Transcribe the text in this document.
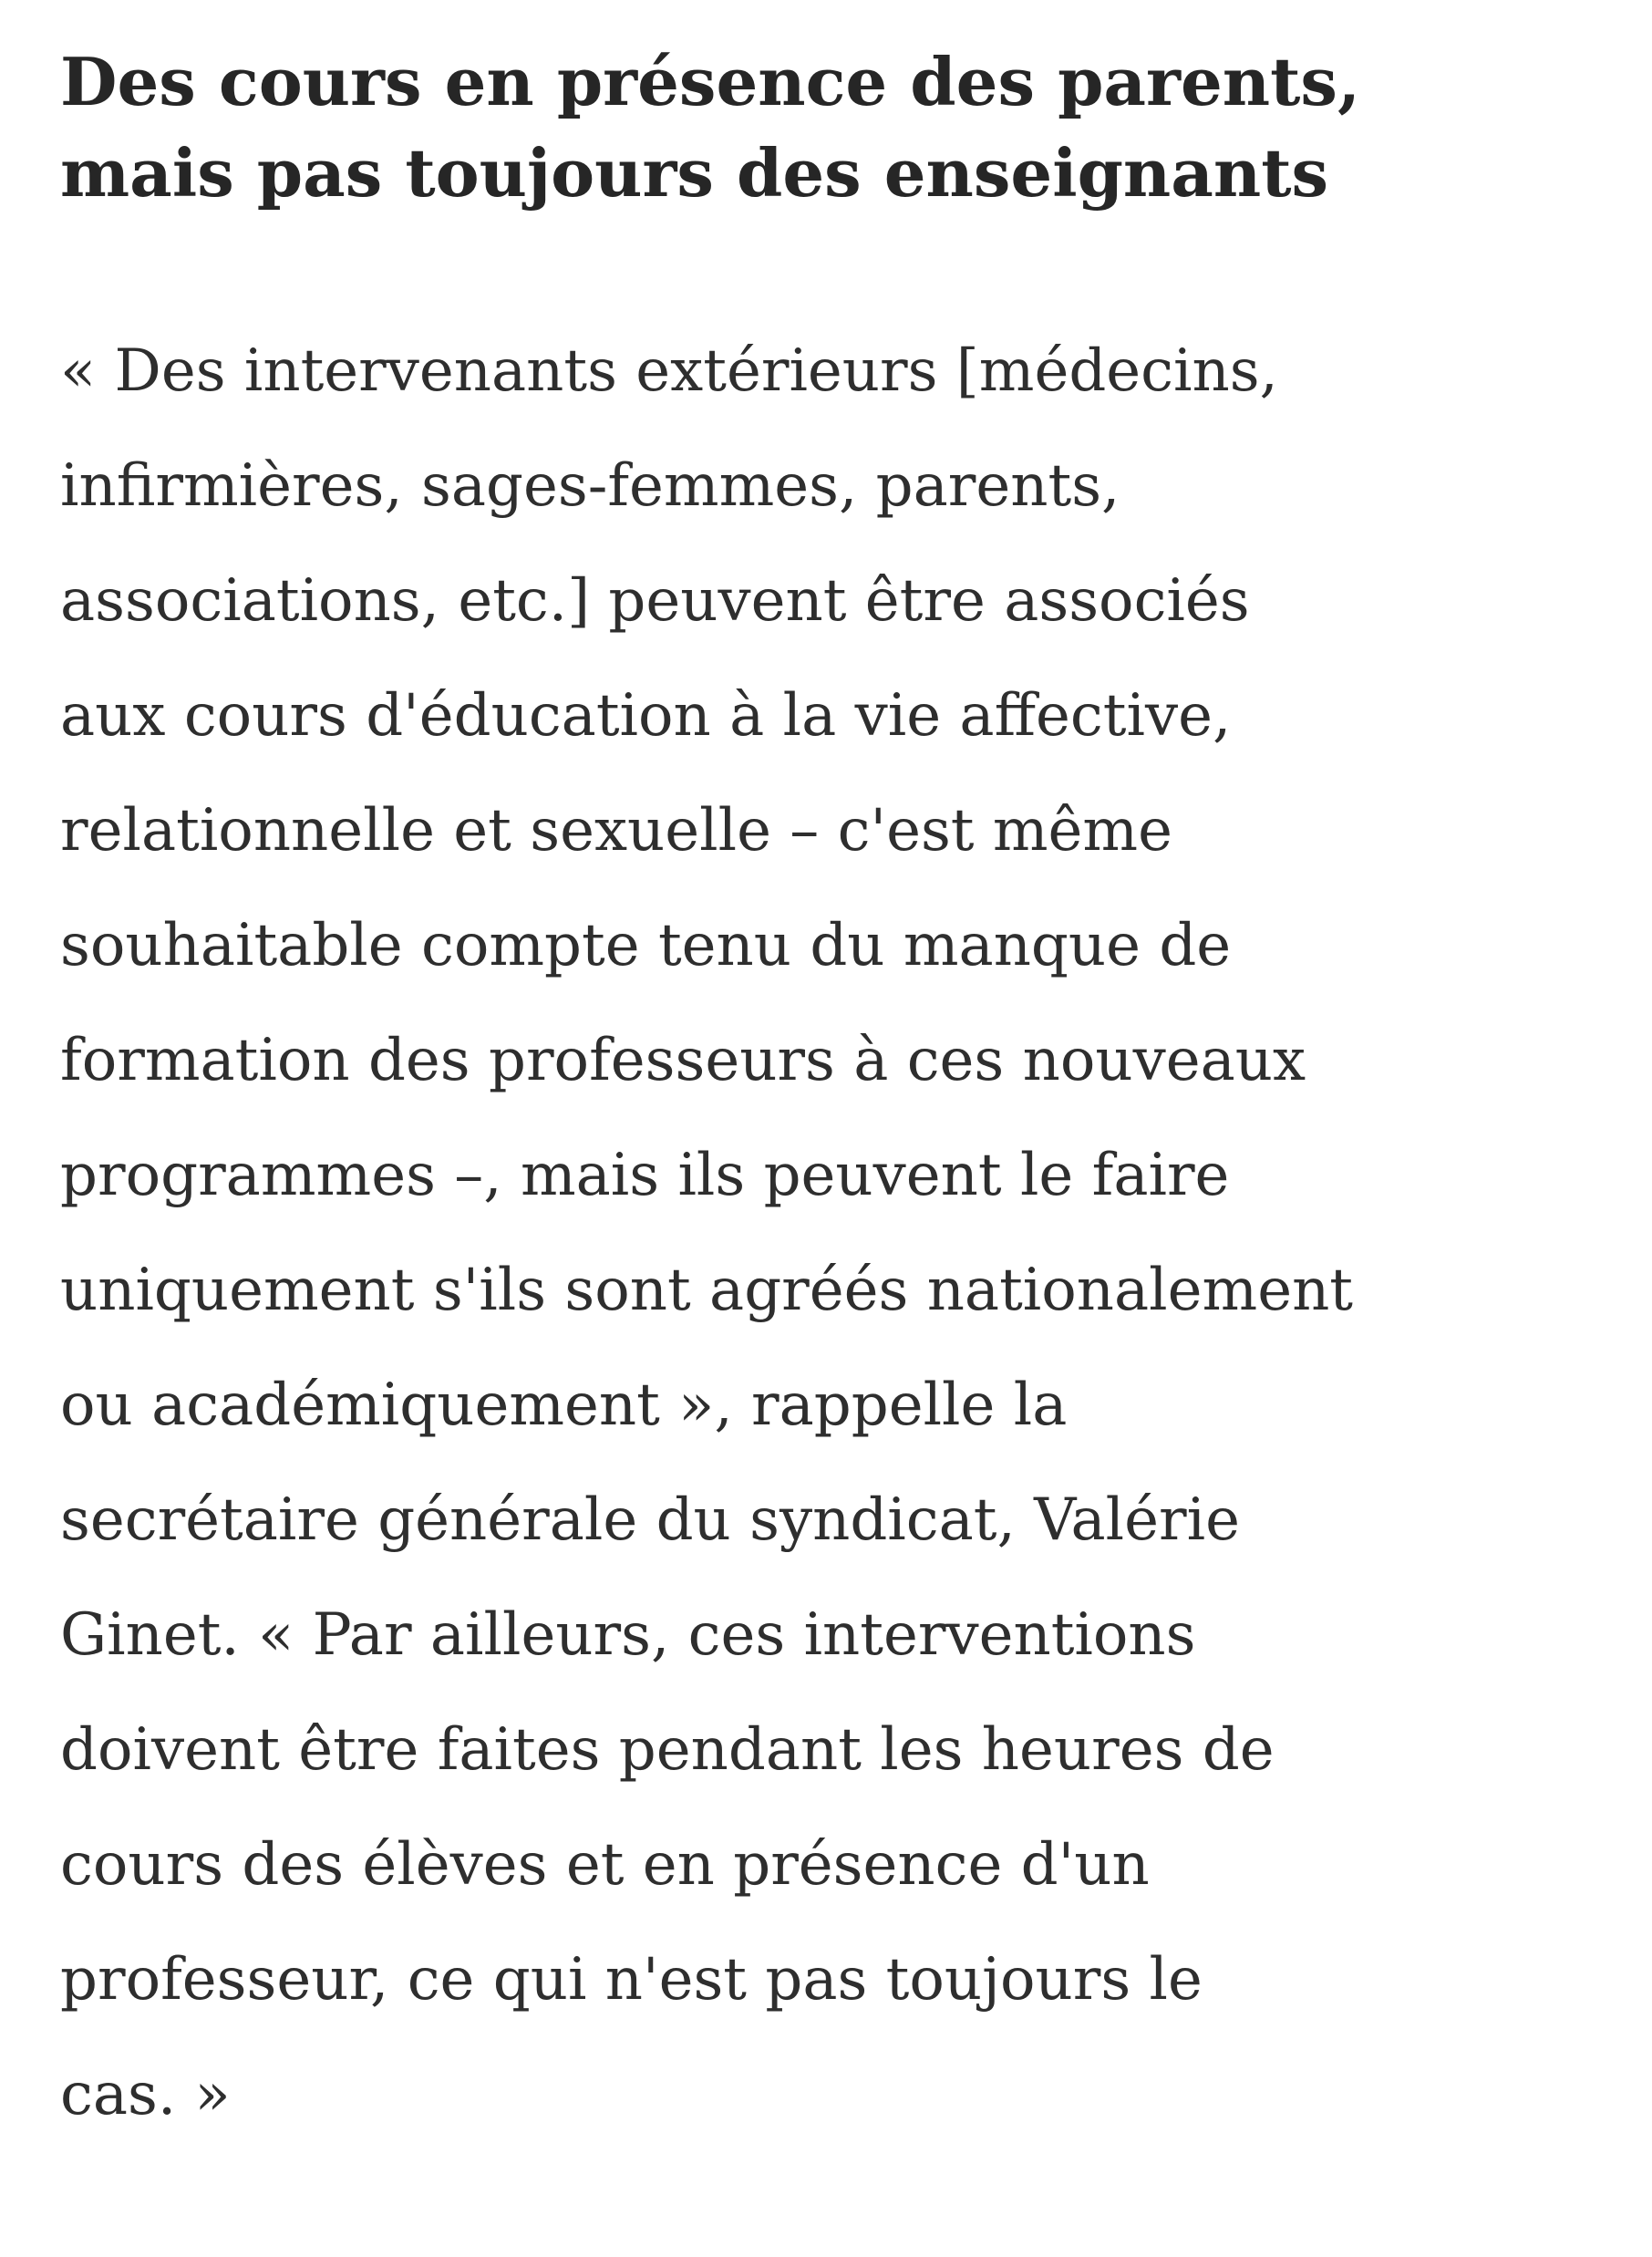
Des cours en présence des parents,
mais pas toujours des enseignants

« Des intervenants extérieurs [médecins,
infirmières, sages-femmes, parents,
associations, etc.] peuvent être associés
aux cours d'éducation à la vie affective,
relationnelle et sexuelle – c'est même
souhaitable compte tenu du manque de
formation des professeurs à ces nouveaux
programmes –, mais ils peuvent le faire
uniquement s'ils sont agréés nationalement
ou académiquement », rappelle la
secrétaire générale du syndicat, Valérie
Ginet. « Par ailleurs, ces interventions
doivent être faites pendant les heures de
cours des élèves et en présence d'un
professeur, ce qui n'est pas toujours le
cas. »
